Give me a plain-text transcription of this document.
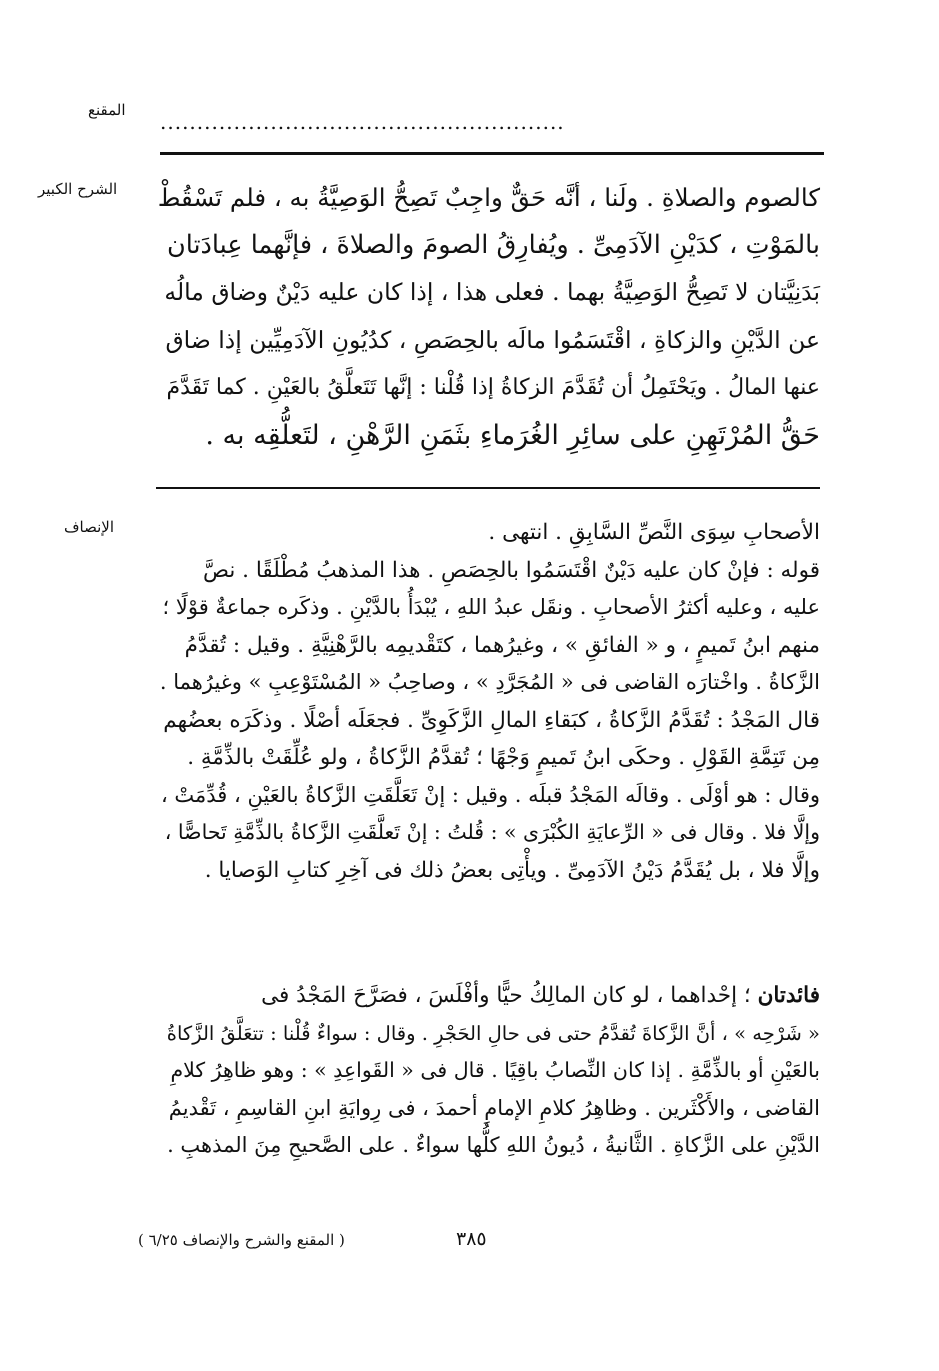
المقنع .......................................................
الشرح الكبير كالصوم والصلاةِ . ولَنا ، أنَّه حَقٌّ واجِبٌ تَصِحُّ الوَصِيَّةُ به ، فلم تَسْقُطْ

بالمَوْتِ ، كدَيْنِ الآدَمِىِّ . ويُفارِقُ الصومَ والصلاةَ ، فإنَّهما عِبادَتان

بَدَنِيَّتان لا تَصِحُّ الوَصِيَّةُ بهما . فعلى هذا ، إذا كان عليه دَيْنٌ وضاق مالُه

عن الدَّيْنِ والزكاةِ ، اقْتَسَمُوا مالَه بالحِصَصِ ، كدُيُونِ الآدَمِيِّين إذا ضاق

عنها المالُ . ويَحْتَمِلُ أن تُقَدَّمَ الزكاةُ إذا قُلْنا : إنَّها تَتَعلَّقُ بالعَيْنِ . كما تَقَدَّمَ

حَقُّ المُرْتَهِنِ على سائِرِ الغُرَماءِ بثَمَنِ الرَّهْنِ ، لتَعلُّقِه به .

الإنصاف	الأصحابِ سِوَى النَّصِّ السَّابِقِ . انتهى .

قوله : فإنْ كان عليه دَيْنٌ اقْتَسَمُوا بالحِصَصِ . هذا المذهبُ مُطْلَقًا . نصَّ

عليه ، وعليه أكثرُ الأصحابِ . ونقَل عبدُ اللهِ ، يُبْدَأُ بالدَّيْنِ . وذكَره جماعةٌ قوْلًا ؛

منهم ابنُ تَميمٍ ، و « الفائقِ » ، وغيرُهما ، كتَقْديمِه بالرَّهْنِيَّةِ . وقيل : تُقدَّمُ

الزَّكاةُ . واخْتارَه القاضى فى « المُجَرَّدِ » ، وصاحِبُ « المُسْتَوْعِبِ » وغيرُهما .

قال المَجْدُ : تُقَدَّمُ الزَّكاةُ ، كبَقاءِ المالِ الزَّكَوِىِّ . فجعَلَه أصْلًا . وذكَرَه بعضُهم

مِن تَتِمَّةِ القَوْلِ . وحكَى ابنُ تَميمٍ وَجْهًا ؛ تُقدَّمُ الزَّكاةُ ، ولو عُلِّقَتْ بالذِّمَّةِ .

وقال : هو أوْلَى . وقالَه المَجْدُ قبلَه . وقيل : إنْ تَعَلَّقَتِ الزَّكاةُ بالعَيْنِ ، قُدِّمَتْ ،

وإلَّا فلا . وقال فى « الرِّعايَةِ الكُبْرَى » : قُلتُ : إنْ تَعلَّقَتِ الزَّكاةُ بالذِّمَّةِ تَحاصًّا ،

وإلَّا فلا ، بل يُقَدَّمُ دَيْنُ الآدَمِىِّ . ويأْتِى بعضُ ذلك فى آخِرِ كتابِ الوَصايا .

فائدتان ؛ إحْداهما ، لو كان المالِكُ حيًّا وأفْلَسَ ، فصَرَّحَ المَجْدُ فى

« شَرْحِه » ، أنَّ الزَّكاةَ تُقدَّمُ حتى فى حالِ الحَجْرِ . وقال : سواءٌ قُلْنا : تتعَلَّقُ الزَّكاةُ

بالعَيْنِ أو بالذِّمَّةِ . إذا كان النِّصابُ باقِيًا . قال فى « القَواعِدِ » : وهو ظاهِرُ كلامِ

القاضى ، والأَكْثَرين . وظاهِرُ كلامِ الإمامِ أحمدَ ، فى رِوايَةِ ابنِ القاسِمِ ، تَقْديمُ

الدَّيْنِ على الزَّكاةِ . الثَّانيةُ ، دُيونُ اللهِ كلُّها سواءٌ . على الصَّحيحِ مِنَ المذهبِ .

( المقنع والشرح والإنصاف ٦/٢٥ )	٣٨٥
